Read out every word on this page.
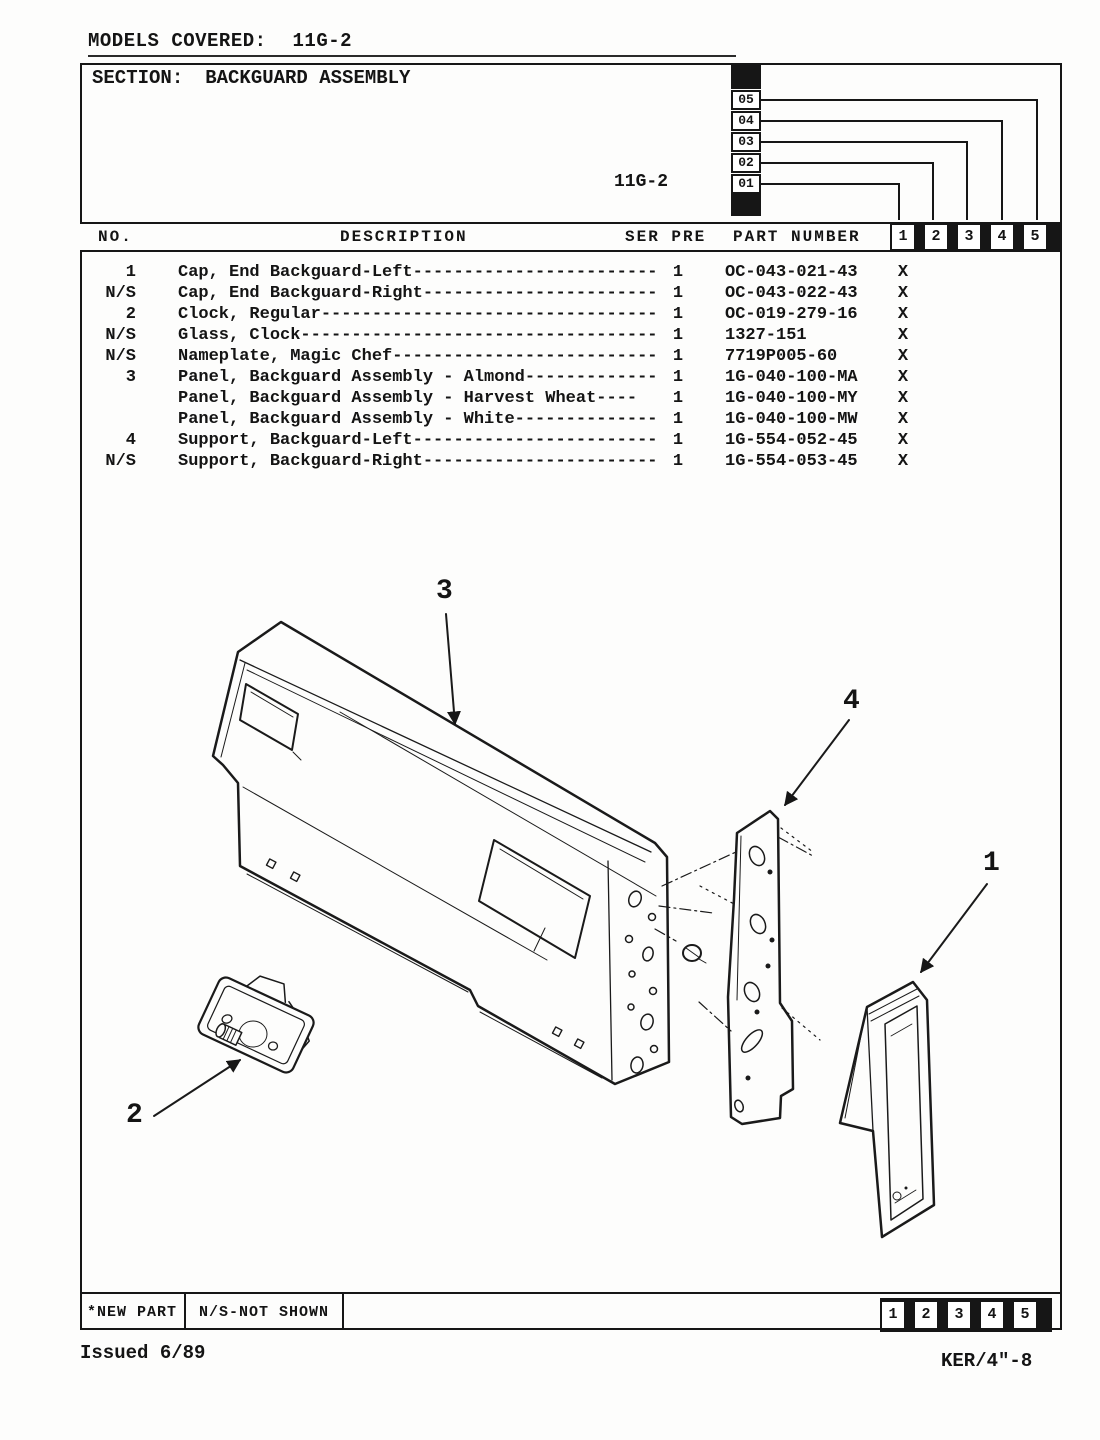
MODELS COVERED: 11G-2
SECTION: BACKGUARD ASSEMBLY
11G-2
05
04
03
02
01
NO.	DESCRIPTION	SER PRE PART NUMBER	1	2	3	4	5
1 Cap, End Backguard-Left------------------------ 1	OC-043-021-43	X
N/S Cap, End Backguard-Right----------------------- 1	OC-043-022-43	X
2 Clock, Regular--------------------------------- 1	OC-019-279-16	X
N/S Glass, Clock----------------------------------- 1	1327-151	X
N/S Nameplate, Magic Chef-------------------------- 1	7719P005-60	X
3 Panel, Backguard Assembly - Almond------------- 1	1G-040-100-MA	X
Panel, Backguard Assembly - Harvest Wheat----	1	1G-040-100-MY	X
Panel, Backguard Assembly - White-------------- 1	1G-040-100-MW	X
4 Support, Backguard-Left------------------------ 1	1G-554-052-45	X
N/S Support, Backguard-Right----------------------- 1	1G-554-053-45	X
3
4
1
2
*NEW PART	N/S-NOT SHOWN	1	2	3	4	5
Issued 6/89	KER/4"-8
